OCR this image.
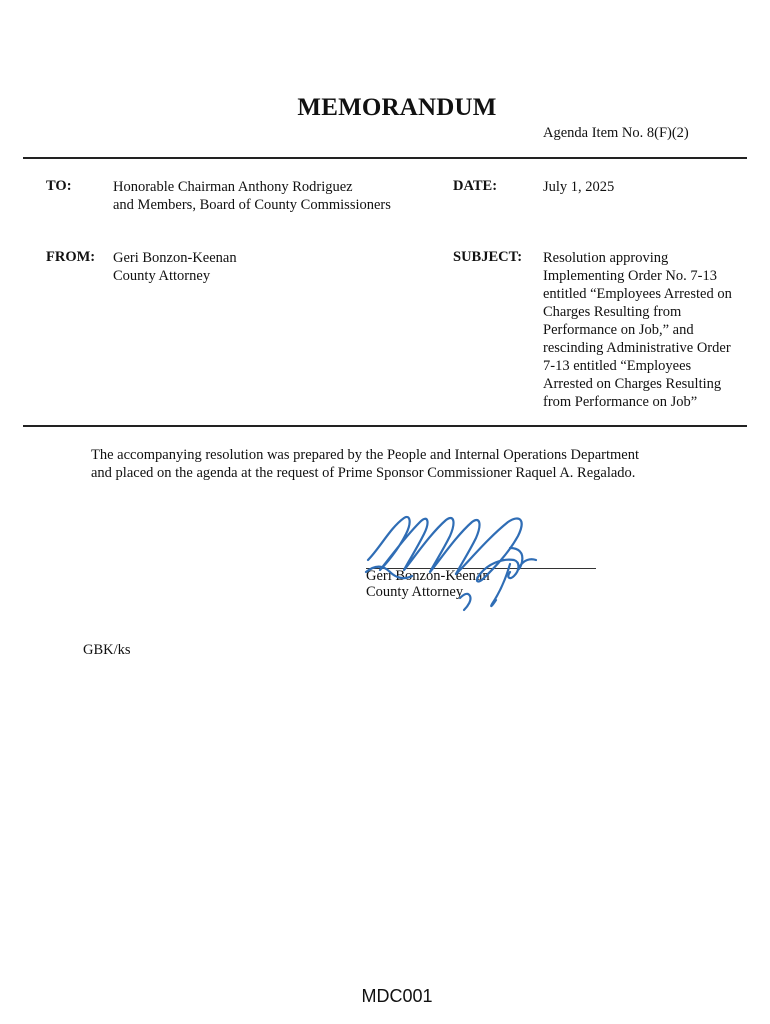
MEMORANDUM
Agenda Item No. 8(F)(2)
TO:	Honorable Chairman Anthony Rodriguez
and Members, Board of County Commissioners
DATE:	July 1, 2025
FROM: Geri Bonzon-Keenan
County Attorney
SUBJECT: Resolution approving
Implementing Order No. 7-13
entitled “Employees Arrested on
Charges Resulting from
Performance on Job,” and
rescinding Administrative Order
7-13 entitled “Employees
Arrested on Charges Resulting
from Performance on Job”
The accompanying resolution was prepared by the People and Internal Operations Department
and placed on the agenda at the request of Prime Sponsor Commissioner Raquel A. Regalado.
Geri Bonzon-Keenan
County Attorney
GBK/ks
MDC001
